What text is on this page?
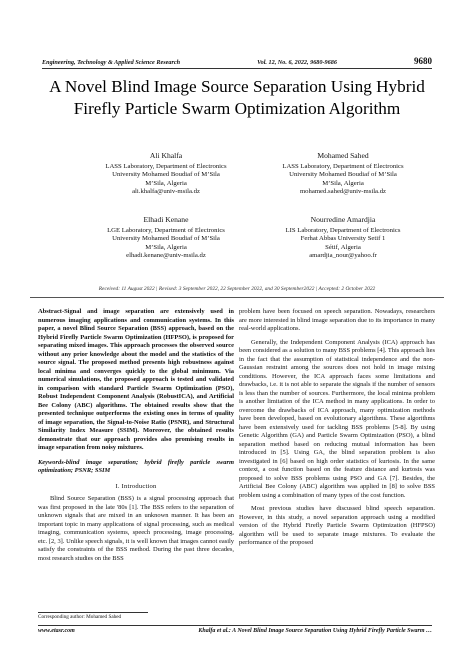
Engineering, Technology & Applied Science Research	Vol. 12, No. 6, 2022, 9680-9686	9680
A Novel Blind Image Source Separation Using Hybrid Firefly Particle Swarm Optimization Algorithm
Ali Khalfa
LASS Laboratory, Department of Electronics
University Mohamed Boudiaf of M’Sila
M’Sila, Algeria
ali.khalfa@univ-msila.dz
Mohamed Sahed
LASS Laboratory, Department of Electronics
University Mohamed Boudiaf of M’Sila
M’Sila, Algeria
mohamed.sahed@univ-msila.dz
Elhadi Kenane
LGE Laboratory, Department of Electronics
University Mohamed Boudiaf of M’Sila
M’Sila, Algeria
elhadi.kenane@univ-msila.dz
Nourredine Amardjia
LIS Laboratory, Department of Electronics
Ferhat Abbas University Setif 1
Sétif, Algeria
amardjia_nour@yahoo.fr
Received: 11 August 2022 | Revised: 3 September 2022, 22 September 2022, and 30 September2022 | Accepted: 2 October 2022

Abstract-Signal and image separation are extensively used in numerous imaging applications and communication systems. In this paper, a novel Blind Source Separation (BSS) approach, based on the Hybrid Firefly Particle Swarm Optimization (HFPSO), is proposed for separating mixed images. This approach processes the observed source without any prior knowledge about the model and the statistics of the source signal. The proposed method presents high robustness against local minima and converges quickly to the global minimum. Via numerical simulations, the proposed approach is tested and validated in comparison with standard Particle Swarm Optimization (PSO), Robust Independent Component Analysis (RobustICA), and Artificial Bee Colony (ABC) algorithms. The obtained results show that the presented technique outperforms the existing ones in terms of quality of image separation, the Signal-to-Noise Ratio (PSNR), and Structural Similarity Index Measure (SSIM). Moreover, the obtained results demonstrate that our approach provides also promising results in image separation from noisy mixtures.

Keywords-blind image separation; hybrid firefly particle swarm optimization; PSNR; SSIM

I. Introduction

Blind Source Separation (BSS) is a signal processing approach that was first proposed in the late '80s [1]. The BSS refers to the separation of unknown signals that are mixed in an unknown manner. It has been an important topic in many applications of signal processing, such as medical imaging, communication systems, speech processing, image processing, etc. [2, 3]. Unlike speech signals, it is well known that images cannot easily satisfy the constraints of the BSS method. During the past three decades, most research studies on the BSS

problem have been focused on speech separation. Nowadays, researchers are more interested in blind image separation due to its importance in many real-world applications.

Generally, the Independent Component Analysis (ICA) approach has been considered as a solution to many BSS problems [4]. This approach lies in the fact that the assumption of statistical independence and the non-Gaussian restraint among the sources does not hold in image mixing conditions. However, the ICA approach faces some limitations and drawbacks, i.e. it is not able to separate the signals if the number of sensors is less than the number of sources. Furthermore, the local minima problem is another limitation of the ICA method in many applications. In order to overcome the drawbacks of ICA approach, many optimization methods have been developed, based on evolutionary algorithms. These algorithms have been extensively used for tackling BSS problems [5-8]. By using Genetic Algorithm (GA) and Particle Swarm Optimization (PSO), a blind separation method based on reducing mutual information has been introduced in [5]. Using GA, the blind separation problem is also investigated in [6] based on high order statistics of kurtosis. In the same context, a cost function based on the feature distance and kurtosis was proposed to solve BSS problems using PSO and GA [7]. Besides, the Artificial Bee Colony (ABC) algorithm was applied in [8] to solve BSS problem using a combination of many types of the cost function.

Most previous studies have discussed blind speech separation. However, in this study, a novel separation approach using a modified version of the Hybrid Firefly Particle Swarm Optimization (HFPSO) algorithm will be used to separate image mixtures. To evaluate the performance of the proposed

Corresponding author: Mohamed Sahed
www.etasr.com	Khalfa et al.: A Novel Blind Image Source Separation Using Hybrid Firefly Particle Swarm …
